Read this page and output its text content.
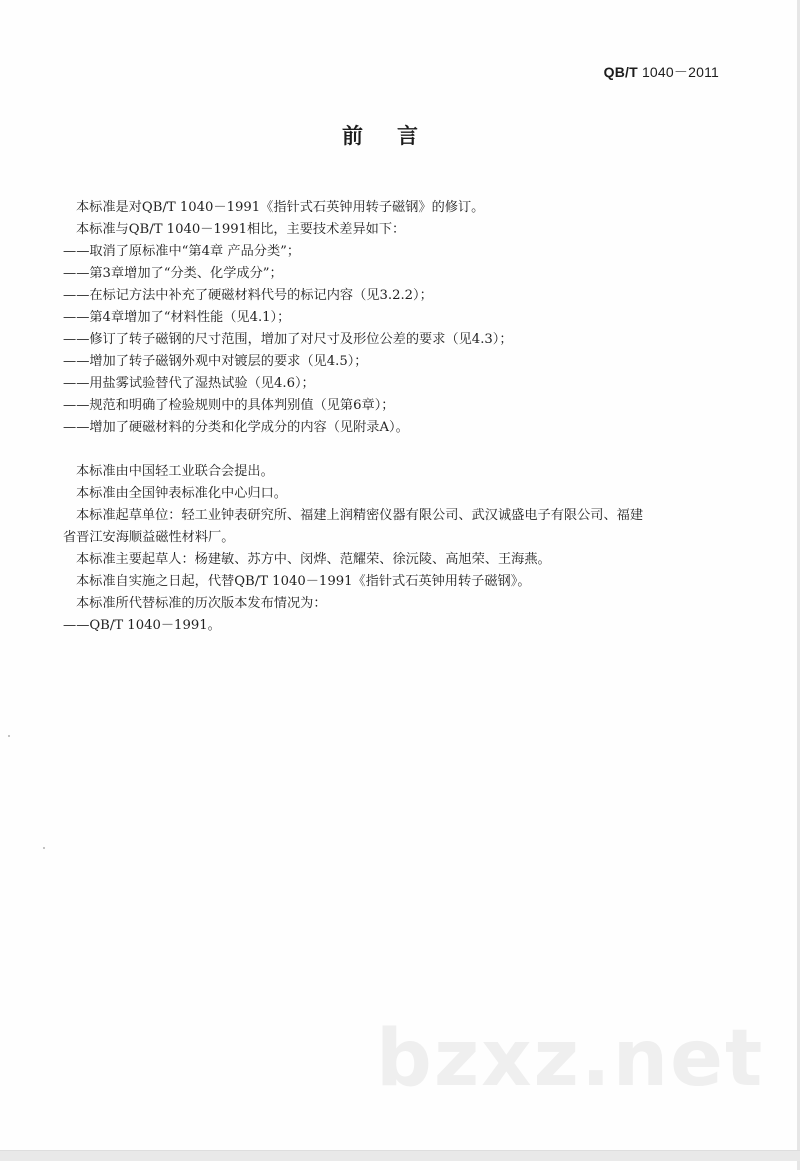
QB/T 1040－2011
前言
本标准是对QB/T 1040－1991《指针式石英钟用转子磁钢》的修订。
本标准与QB/T 1040－1991相比，主要技术差异如下：
——取消了原标准中“第4章 产品分类”；
——第3章增加了“分类、化学成分”；
——在标记方法中补充了硬磁材料代号的标记内容（见3.2.2）；
——第4章增加了“材料性能（见4.1）；
——修订了转子磁钢的尺寸范围，增加了对尺寸及形位公差的要求（见4.3）；
——增加了转子磁钢外观中对镀层的要求（见4.5）；
——用盐雾试验替代了湿热试验（见4.6）；
——规范和明确了检验规则中的具体判别值（见第6章）；
——增加了硬磁材料的分类和化学成分的内容（见附录A）。
本标准由中国轻工业联合会提出。
本标准由全国钟表标准化中心归口。
本标准起草单位：轻工业钟表研究所、福建上润精密仪器有限公司、武汉诚盛电子有限公司、福建
省晋江安海顺益磁性材料厂。
本标准主要起草人：杨建敏、苏方中、闵烨、范耀荣、徐沅陵、高旭荣、王海燕。
本标准自实施之日起，代替QB/T 1040－1991《指针式石英钟用转子磁钢》。
本标准所代替标准的历次版本发布情况为：
——QB/T 1040－1991。
bzxz.net
